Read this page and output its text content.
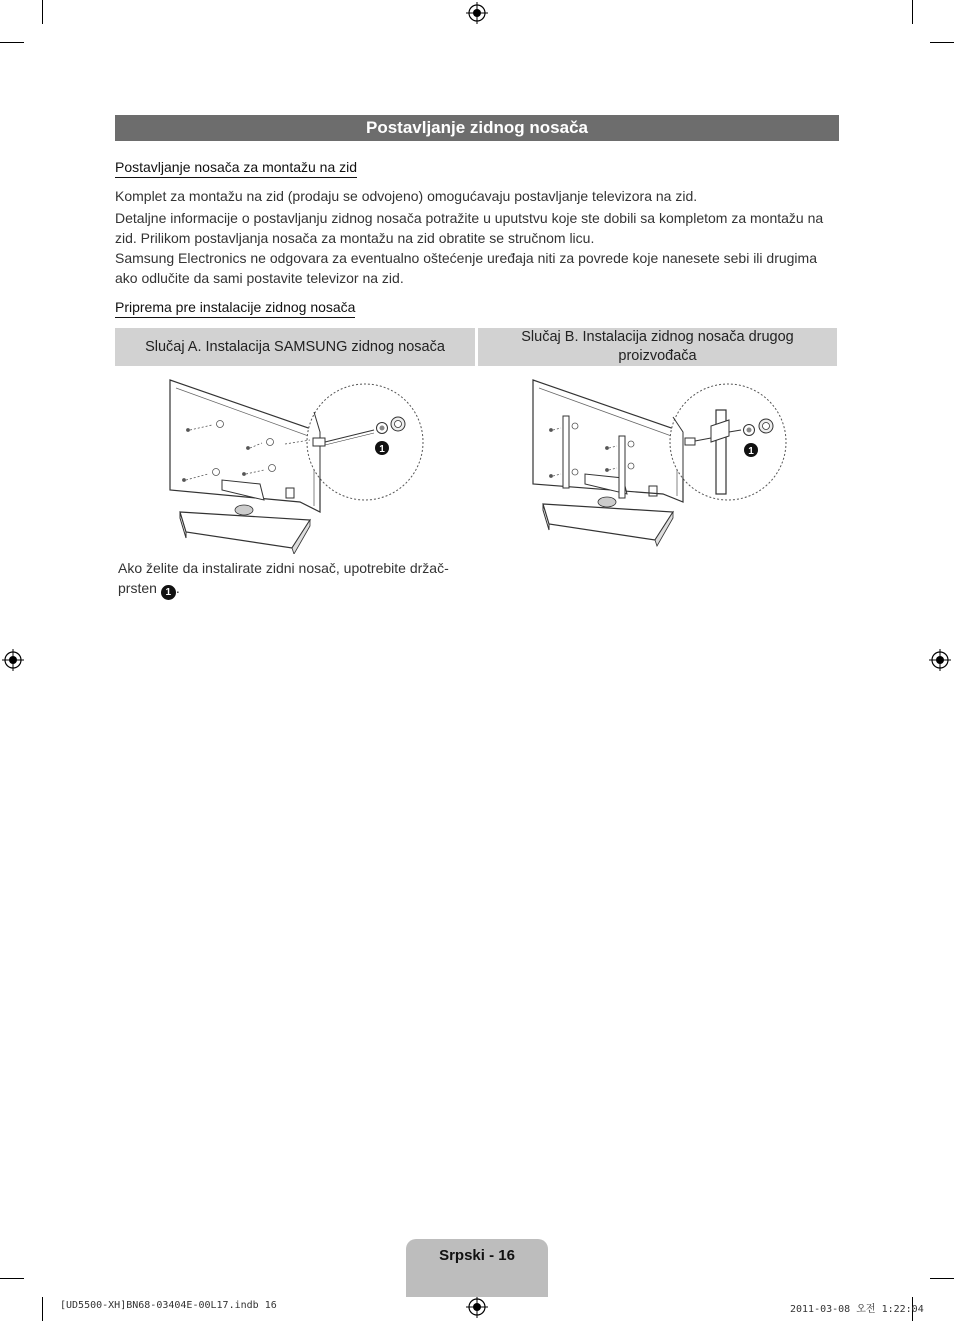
Postavljanje zidnog nosača
Postavljanje nosača za montažu na zid

Komplet za montažu na zid (prodaju se odvojeno) omogućavaju postavljanje televizora na zid.

Detaljne informacije o postavljanju zidnog nosača potražite u uputstvu koje ste dobili sa kompletom za montažu na zid. Prilikom postavljanja nosača za montažu na zid obratite se stručnom licu.

Samsung Electronics ne odgovara za eventualno oštećenje uređaja niti za povrede koje nanesete sebi ili drugima ako odlučite da sami postavite televizor na zid.

Priprema pre instalacije zidnog nosača
Slučaj A. Instalacija SAMSUNG zidnog nosača
Slučaj B. Instalacija zidnog nosača drugog proizvođača
1	1
Ako želite da instalirate zidni nosač, upotrebite držač-prsten 1 .
Srpski - 16
[UD5500-XH]BN68-03404E-00L17.indb 16	2011-03-08 오전 1:22:04
